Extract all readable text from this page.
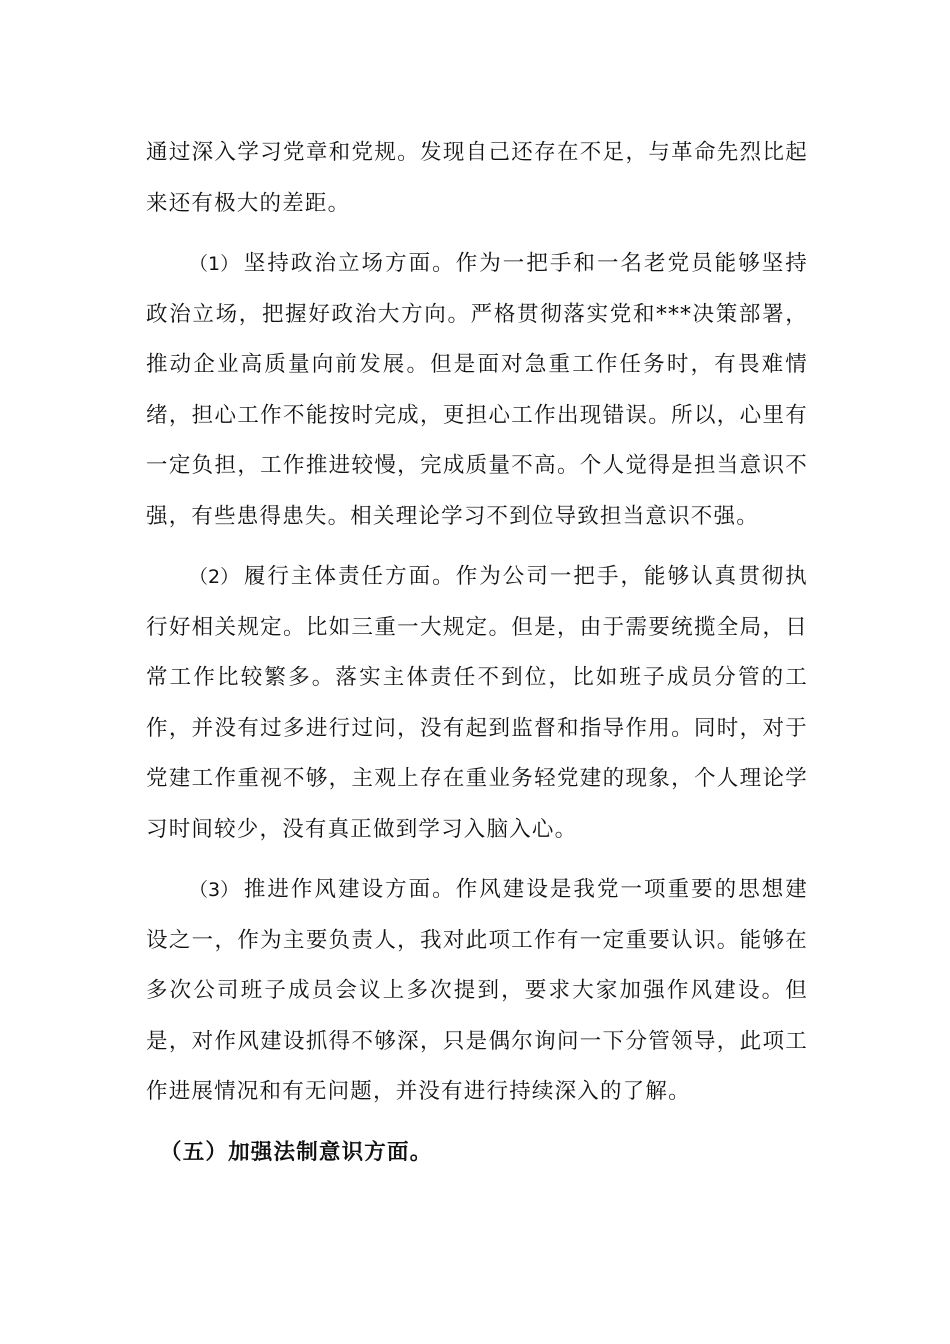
通过深入学习党章和党规。发现自己还存在不足，与革命先烈比起来还有极大的差距。

（1） 坚持政治立场方面。作为一把手和一名老党员能够坚持政治立场，把握好政治大方向。严格贯彻落实党和***决策部署，推动企业高质量向前发展。但是面对急重工作任务时，有畏难情绪，担心工作不能按时完成，更担心工作出现错误。所以，心里有一定负担，工作推进较慢，完成质量不高。个人觉得是担当意识不强，有些患得患失。相关理论学习不到位导致担当意识不强。

（2） 履行主体责任方面。作为公司一把手，能够认真贯彻执行好相关规定。比如三重一大规定。但是，由于需要统揽全局，日常工作比较繁多。落实主体责任不到位，比如班子成员分管的工作，并没有过多进行过问，没有起到监督和指导作用。同时，对于党建工作重视不够，主观上存在重业务轻党建的现象，个人理论学习时间较少，没有真正做到学习入脑入心。

（3） 推进作风建设方面。作风建设是我党一项重要的思想建设之一，作为主要负责人，我对此项工作有一定重要认识。能够在多次公司班子成员会议上多次提到，要求大家加强作风建设。但是，对作风建设抓得不够深，只是偶尔询问一下分管领导，此项工作进展情况和有无问题，并没有进行持续深入的了解。

（五）加强法制意识方面。
